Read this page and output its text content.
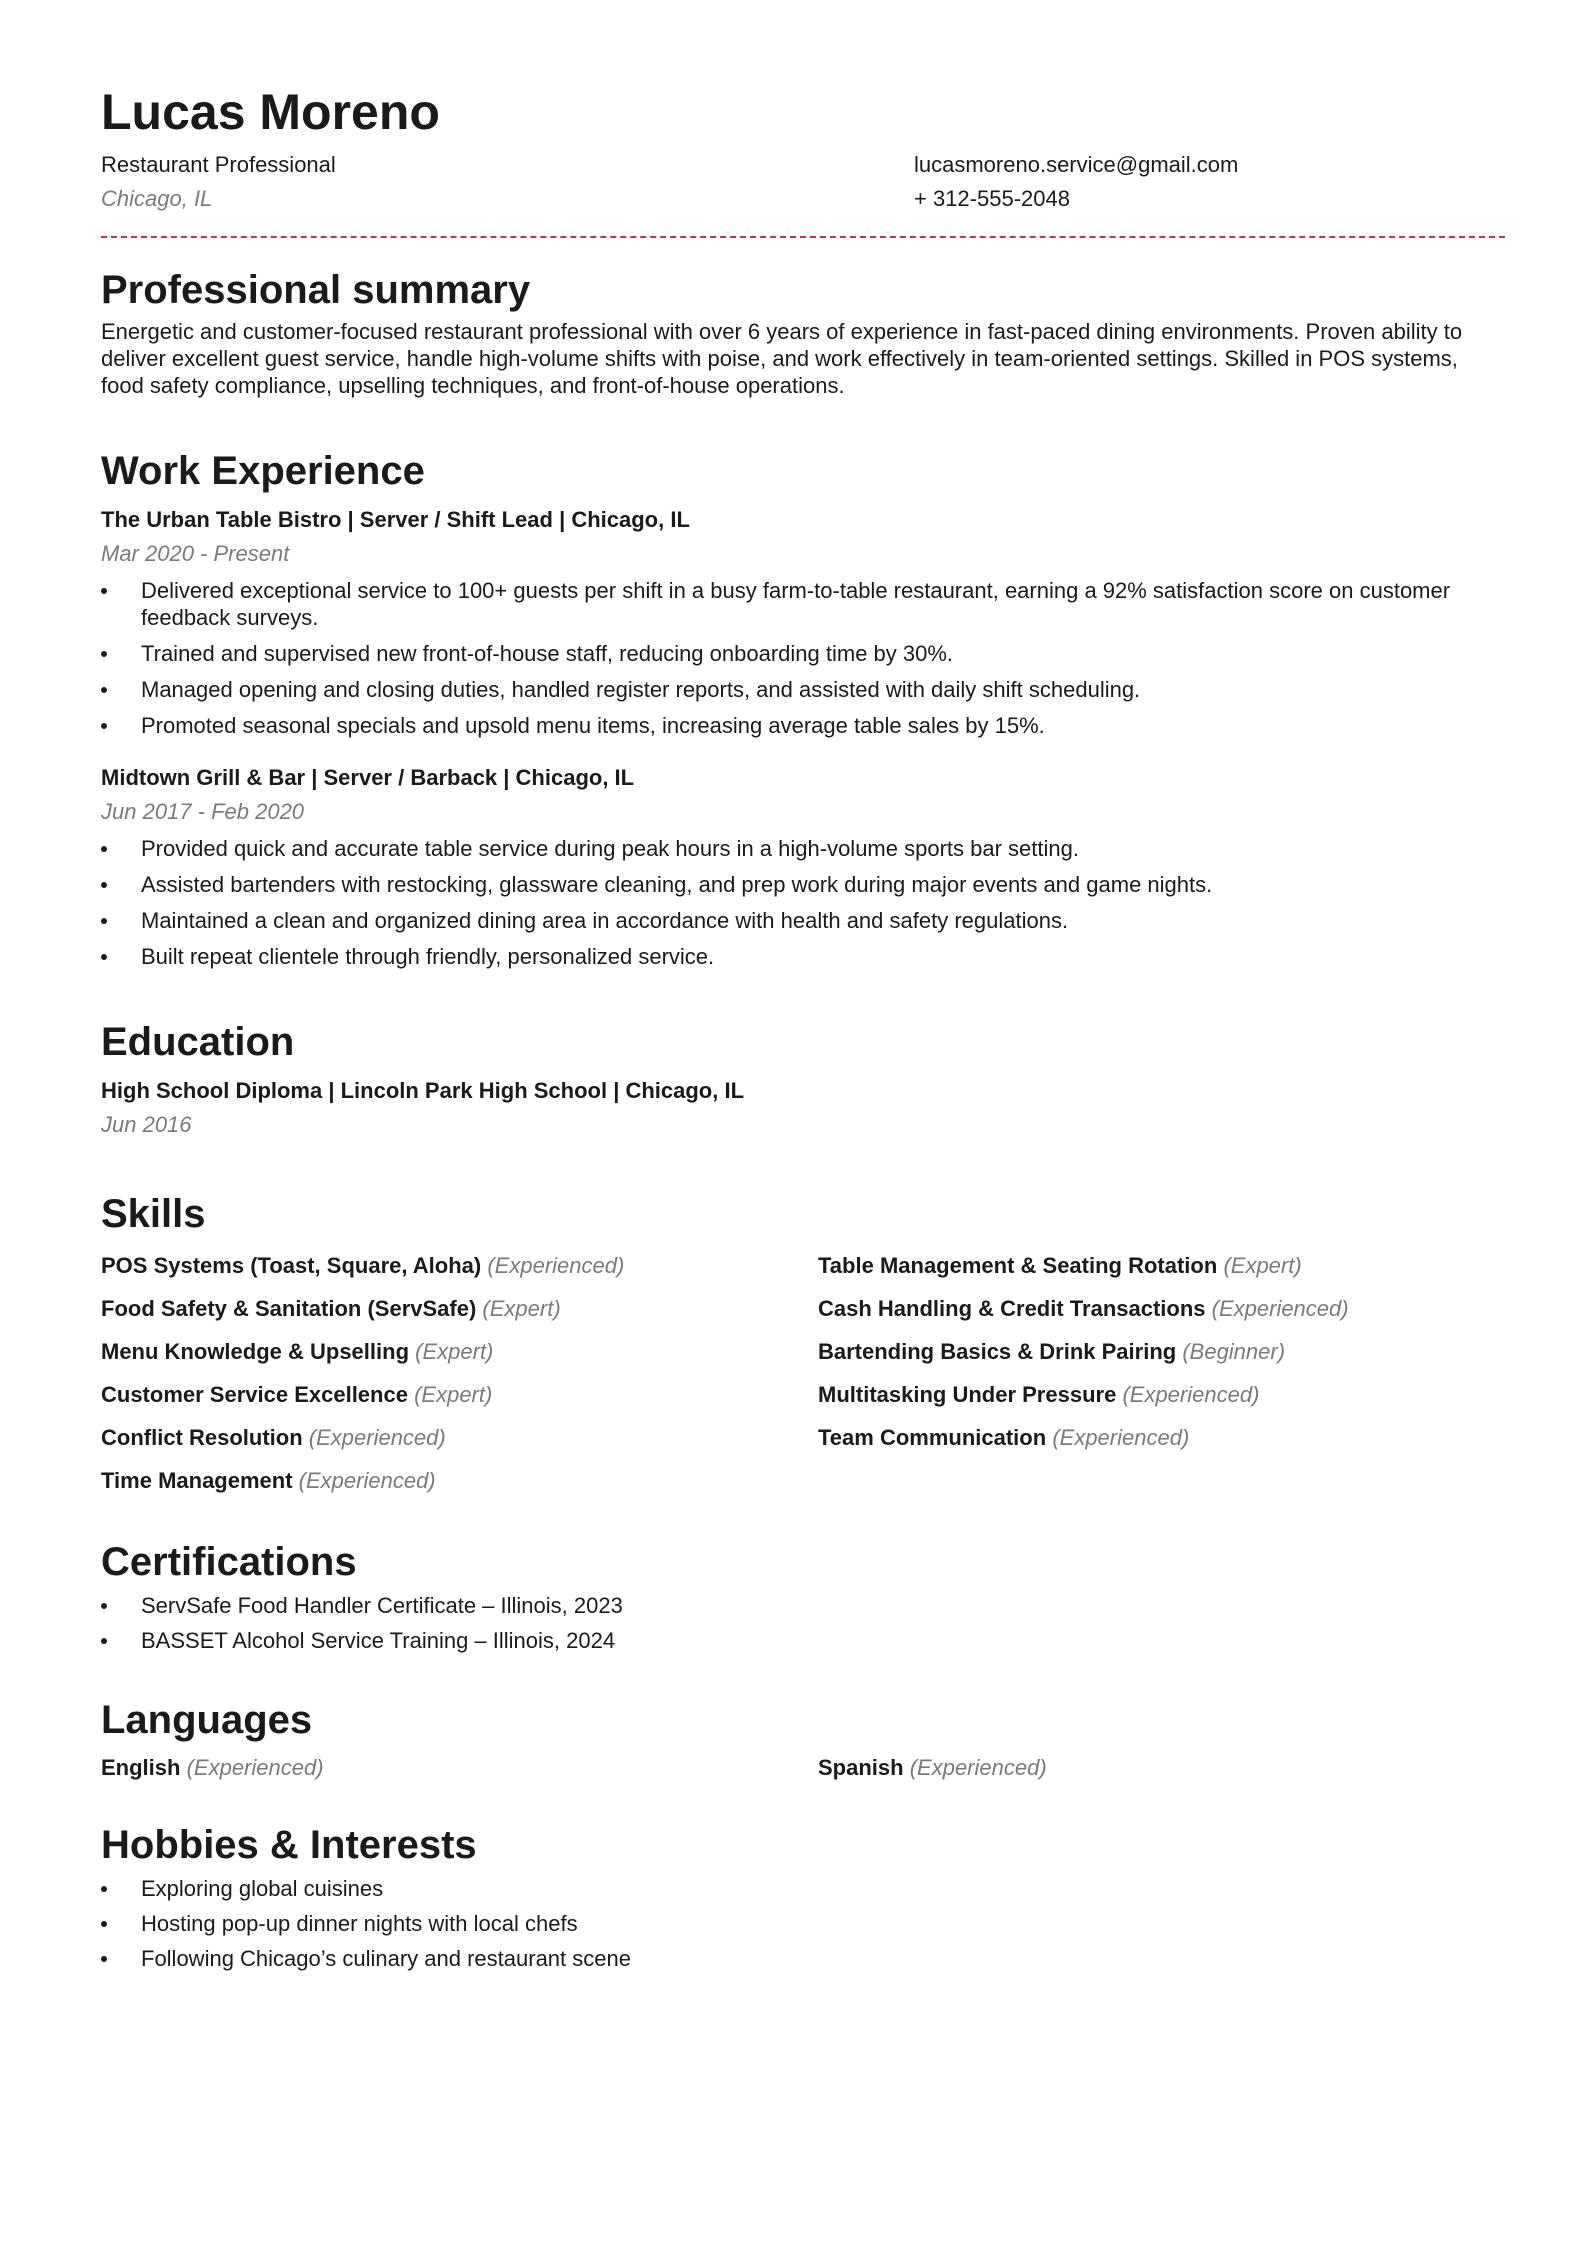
Lucas Moreno
Restaurant Professional	lucasmoreno.service@gmail.com
Chicago, IL	+ 312-555-2048
Professional summary
Energetic and customer-focused restaurant professional with over 6 years of experience in fast-paced dining environments. Proven ability to deliver excellent guest service, handle high-volume shifts with poise, and work effectively in team-oriented settings. Skilled in POS systems, food safety compliance, upselling techniques, and front-of-house operations.
Work Experience
The Urban Table Bistro | Server / Shift Lead | Chicago, IL
Mar 2020 - Present
Delivered exceptional service to 100+ guests per shift in a busy farm-to-table restaurant, earning a 92% satisfaction score on customer feedback surveys.
Trained and supervised new front-of-house staff, reducing onboarding time by 30%.
Managed opening and closing duties, handled register reports, and assisted with daily shift scheduling.
Promoted seasonal specials and upsold menu items, increasing average table sales by 15%.
Midtown Grill & Bar | Server / Barback | Chicago, IL
Jun 2017 - Feb 2020
Provided quick and accurate table service during peak hours in a high-volume sports bar setting.
Assisted bartenders with restocking, glassware cleaning, and prep work during major events and game nights.
Maintained a clean and organized dining area in accordance with health and safety regulations.
Built repeat clientele through friendly, personalized service.
Education
High School Diploma | Lincoln Park High School | Chicago, IL
Jun 2016
Skills
POS Systems (Toast, Square, Aloha) (Experienced)	Table Management & Seating Rotation (Expert)
Food Safety & Sanitation (ServSafe) (Expert)	Cash Handling & Credit Transactions (Experienced)
Menu Knowledge & Upselling (Expert)	Bartending Basics & Drink Pairing (Beginner)
Customer Service Excellence (Expert)	Multitasking Under Pressure (Experienced)
Conflict Resolution (Experienced)	Team Communication (Experienced)
Time Management (Experienced)
Certifications
ServSafe Food Handler Certificate – Illinois, 2023
BASSET Alcohol Service Training – Illinois, 2024
Languages
English (Experienced)	Spanish (Experienced)
Hobbies & Interests
Exploring global cuisines
Hosting pop-up dinner nights with local chefs
Following Chicago’s culinary and restaurant scene
